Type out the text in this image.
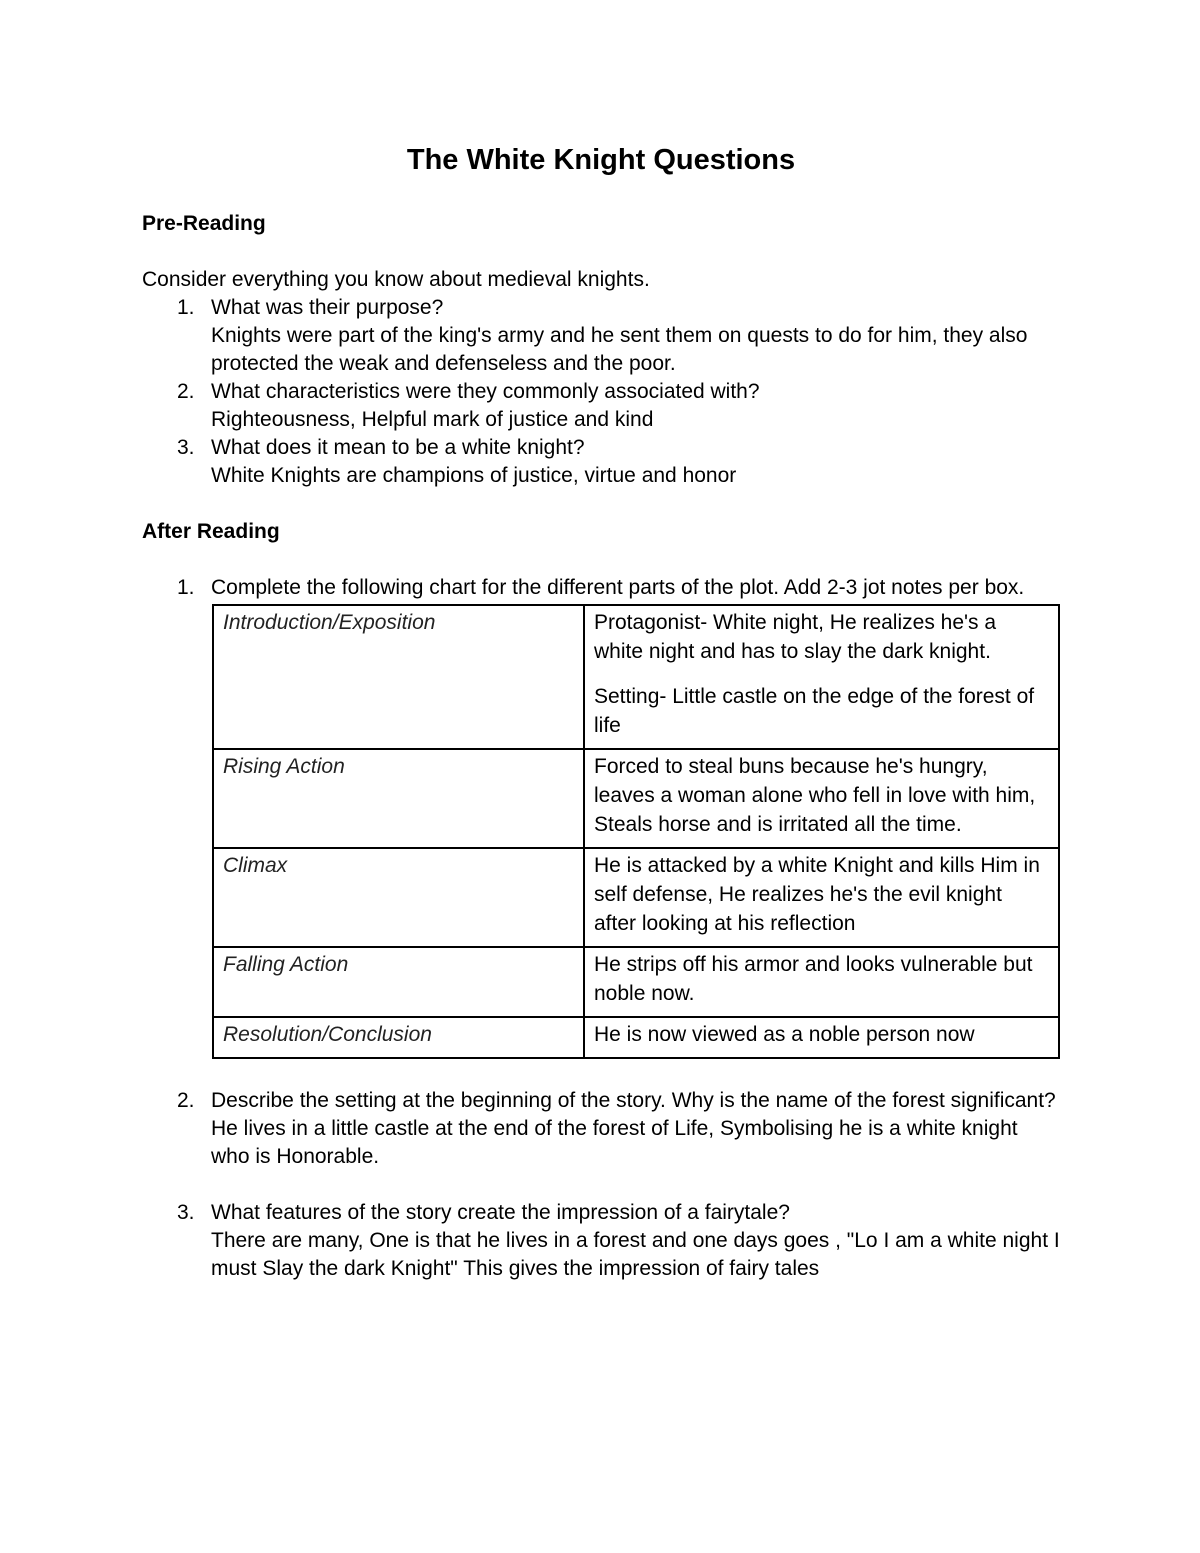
The White Knight Questions

Pre-Reading

Consider everything you know about medieval knights.

1. What was their purpose?
Knights were part of the king's army and he sent them on quests to do for him, they also protected the weak and defenseless and the poor.
2. What characteristics were they commonly associated with?
Righteousness, Helpful mark of justice and kind
3. What does it mean to be a white knight?
White Knights are champions of justice, virtue and honor

After Reading

1. Complete the following chart for the different parts of the plot. Add 2-3 jot notes per box.
Introduction/Exposition	Protagonist- White night, He realizes he's a white night and has to slay the dark knight.

Setting- Little castle on the edge of the forest of life

Rising Action	Forced to steal buns because he's hungry, leaves a woman alone who fell in love with him, Steals horse and is irritated all the time.

Climax	He is attacked by a white Knight and kills Him in self defense, He realizes he's the evil knight after looking at his reflection

Falling Action	He strips off his armor and looks vulnerable but noble now.

Resolution/Conclusion	He is now viewed as a noble person now

2. Describe the setting at the beginning of the story. Why is the name of the forest significant?
He lives in a little castle at the end of the forest of Life, Symbolising he is a white knight who is Honorable.
3. What features of the story create the impression of a fairytale?
There are many, One is that he lives in a forest and one days goes , "Lo I am a white night I must Slay the dark Knight" This gives the impression of fairy tales
